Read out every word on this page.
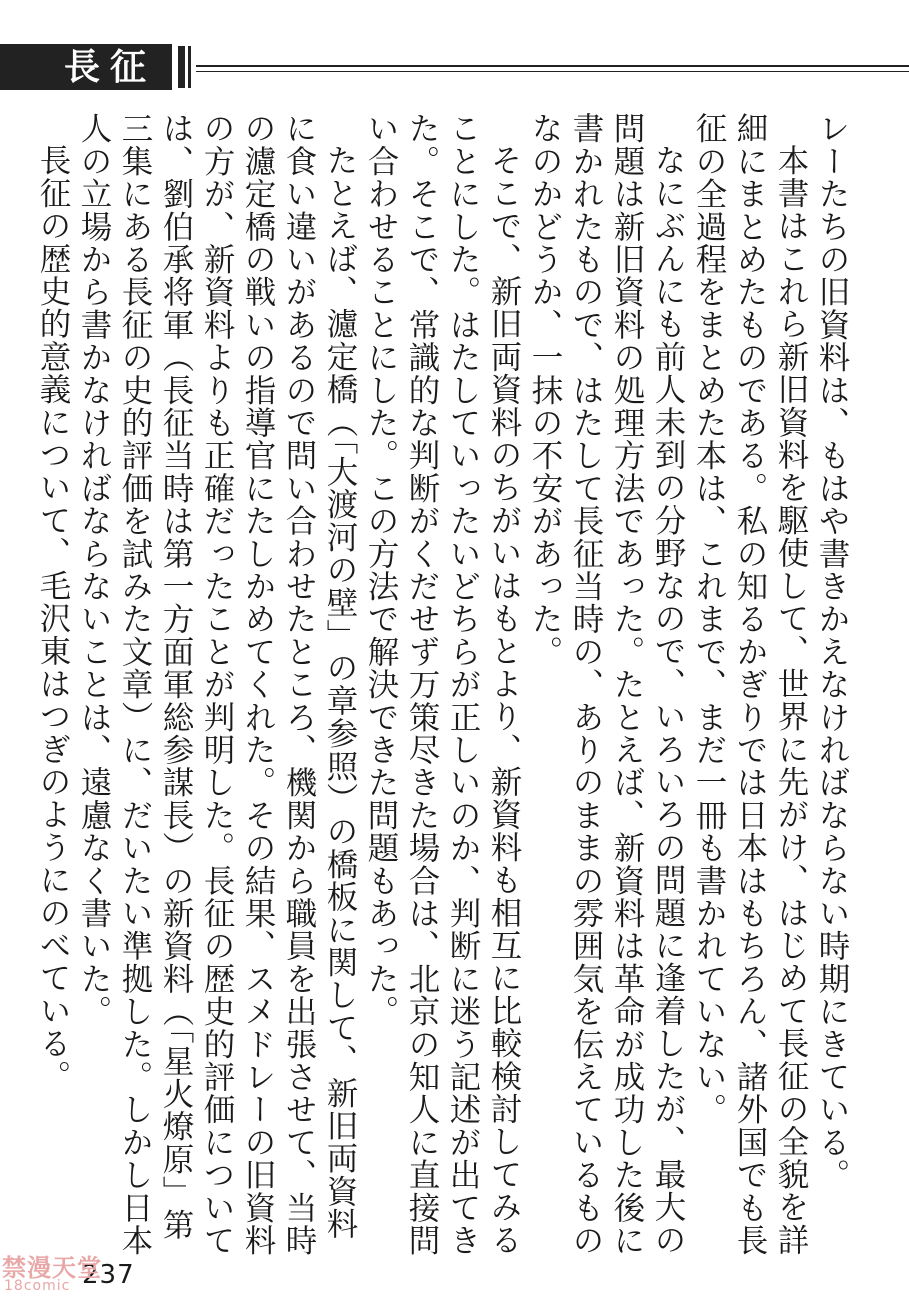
長征

レーたちの旧資料は、もはや書きかえなければならない時期にきている。

本書はこれら新旧資料を駆使して、世界に先がけ、はじめて長征の全貌を詳細にまとめたものである。私の知るかぎりでは日本はもちろん、諸外国でも長征の全過程をまとめた本は、これまで、まだ一冊も書かれていない。

なにぶんにも前人未到の分野なので、いろいろの問題に逢着したが、最大の問題は新旧資料の処理方法であった。たとえば、新資料は革命が成功した後に書かれたもので、はたして長征当時の、ありのままの雰囲気を伝えているものなのかどうか、一抹の不安があった。

そこで、新旧両資料のちがいはもとより、新資料も相互に比較検討してみることにした。はたしていったいどちらが正しいのか、判断に迷う記述が出てきた。そこで、常識的な判断がくだせず万策尽きた場合は、北京の知人に直接問い合わせることにした。この方法で解決できた問題もあった。

たとえば、濾定橋（「大渡河の壁」の章参照）の橋板に関して、新旧両資料に食い違いがあるので問い合わせたところ、機関から職員を出張させて、当時の濾定橋の戦いの指導官にたしかめてくれた。その結果、スメドレーの旧資料の方が、新資料よりも正確だったことが判明した。長征の歴史的評価については、劉伯承将軍（長征当時は第一方面軍総参謀長）の新資料（「星火燎原」第三集にある長征の史的評価を試みた文章）に、だいたい準拠した。しかし日本人の立場から書かなければならないことは、遠慮なく書いた。

長征の歴史的意義について、毛沢東はつぎのようにのべている。

237
禁漫天堂
18comic
